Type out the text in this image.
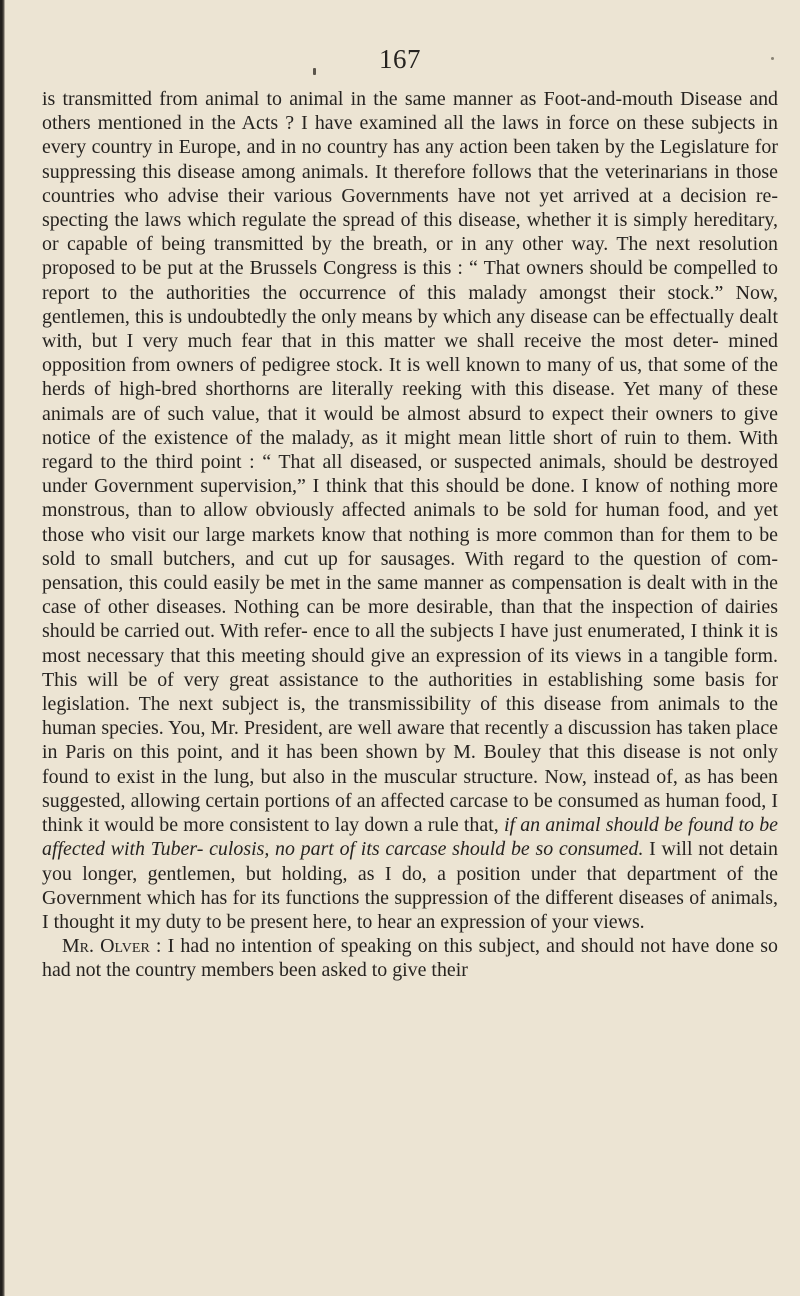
167

is transmitted from animal to animal in the same manner as Foot-and-mouth Disease and others mentioned in the Acts ? I have examined all the laws in force on these subjects in every country in Europe, and in no country has any action been taken by the Legislature for suppressing this disease among animals. It therefore follows that the veterinarians in those countries who advise their various Governments have not yet arrived at a decision re- specting the laws which regulate the spread of this disease, whether it is simply hereditary, or capable of being transmitted by the breath, or in any other way. The next resolution proposed to be put at the Brussels Congress is this : “ That owners should be compelled to report to the authorities the occurrence of this malady amongst their stock.” Now, gentlemen, this is undoubtedly the only means by which any disease can be effectually dealt with, but I very much fear that in this matter we shall receive the most deter- mined opposition from owners of pedigree stock. It is well known to many of us, that some of the herds of high-bred shorthorns are literally reeking with this disease. Yet many of these animals are of such value, that it would be almost absurd to expect their owners to give notice of the existence of the malady, as it might mean little short of ruin to them. With regard to the third point : “ That all diseased, or suspected animals, should be destroyed under Government supervision,” I think that this should be done. I know of nothing more monstrous, than to allow obviously affected animals to be sold for human food, and yet those who visit our large markets know that nothing is more common than for them to be sold to small butchers, and cut up for sausages. With regard to the question of com- pensation, this could easily be met in the same manner as compensation is dealt with in the case of other diseases. Nothing can be more desirable, than that the inspection of dairies should be carried out. With refer- ence to all the subjects I have just enumerated, I think it is most necessary that this meeting should give an expression of its views in a tangible form. This will be of very great assistance to the authorities in establishing some basis for legislation. The next subject is, the transmissibility of this disease from animals to the human species. You, Mr. President, are well aware that recently a discussion has taken place in Paris on this point, and it has been shown by M. Bouley that this disease is not only found to exist in the lung, but also in the muscular structure. Now, instead of, as has been suggested, allowing certain portions of an affected carcase to be consumed as human food, I think it would be more consistent to lay down a rule that, if an animal should be found to be affected with Tuber- culosis, no part of its carcase should be so consumed. I will not detain you longer, gentlemen, but holding, as I do, a position under that department of the Government which has for its functions the suppression of the different diseases of animals, I thought it my duty to be present here, to hear an expression of your views.

Mr. Olver : I had no intention of speaking on this subject, and should not have done so had not the country members been asked to give their
